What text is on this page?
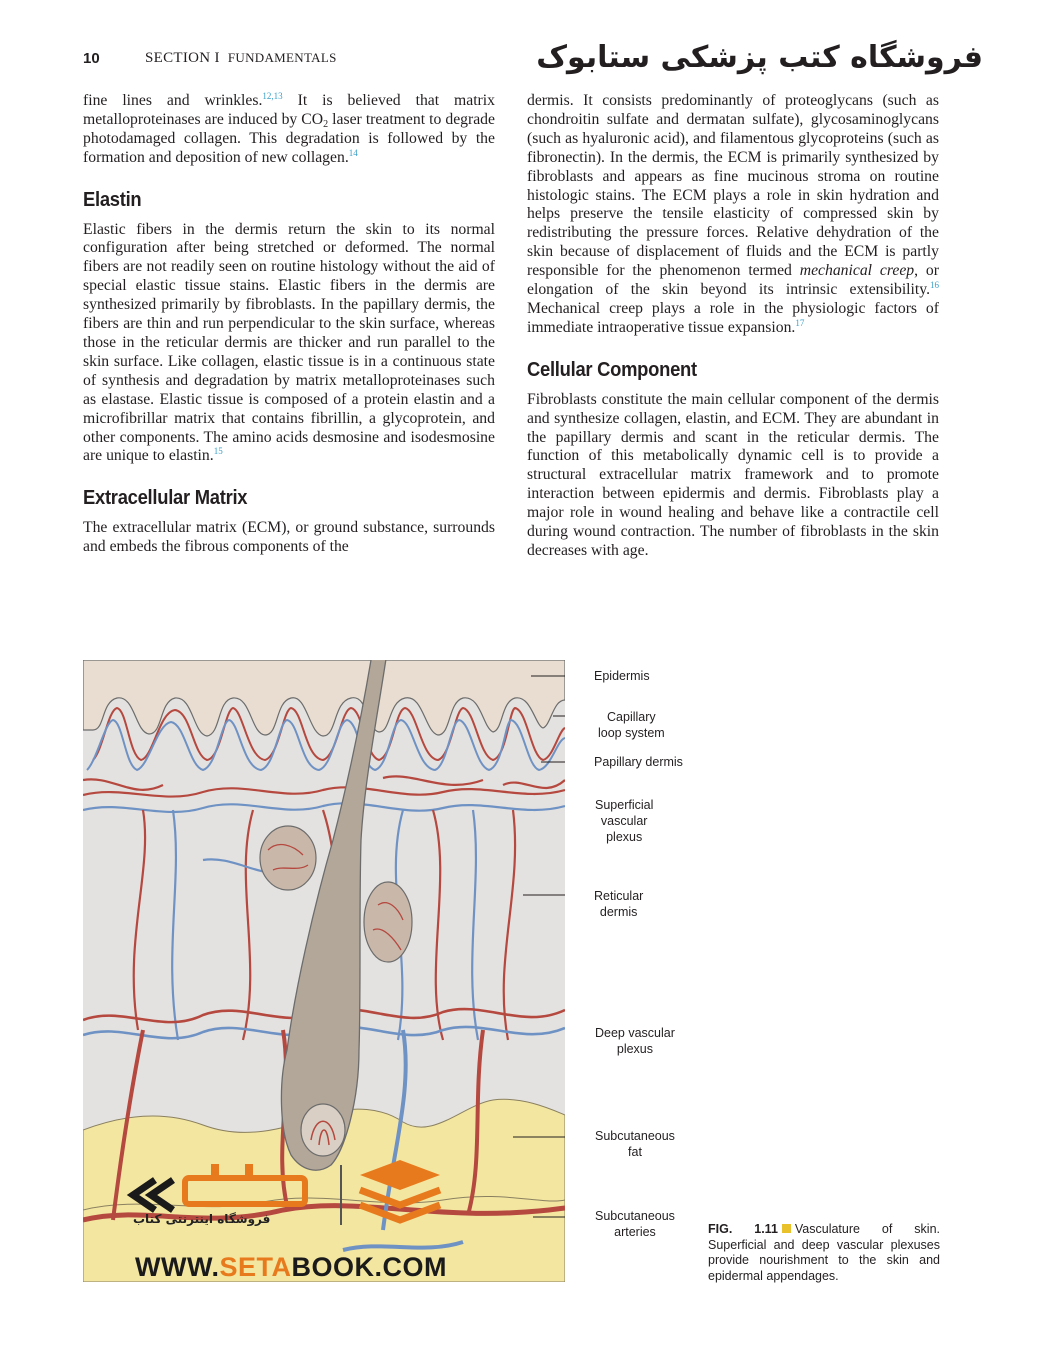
10	SECTION I FUNDAMENTALS	فروشگاه کتب پزشکی ستابوک

fine lines and wrinkles.$^{12,13}$ It is believed that matrix metalloproteinases are induced by $CO_2$ laser treatment to degrade photodamaged collagen. This degradation is followed by the formation and deposition of new collagen.$^{14}$

Elastin

Elastic fibers in the dermis return the skin to its normal configuration after being stretched or deformed. The normal fibers are not readily seen on routine histology without the aid of special elastic tissue stains. Elastic fibers in the dermis are synthesized primarily by fibroblasts. In the papillary dermis, the fibers are thin and run perpendicular to the skin surface, whereas those in the reticular dermis are thicker and run parallel to the skin surface. Like collagen, elastic tissue is in a continuous state of synthesis and degradation by matrix metalloproteinases such as elastase. Elastic tissue is composed of a protein elastin and a microfibrillar matrix that contains fibrillin, a glycoprotein, and other components. The amino acids desmosine and isodesmosine are unique to elastin.$^{15}$

Extracellular Matrix

The extracellular matrix (ECM), or ground substance, surrounds and embeds the fibrous components of the

dermis. It consists predominantly of proteoglycans (such as chondroitin sulfate and dermatan sulfate), glycosaminoglycans (such as hyaluronic acid), and filamentous glycoproteins (such as fibronectin). In the dermis, the ECM is primarily synthesized by fibroblasts and appears as fine mucinous stroma on routine histologic stains. The ECM plays a role in skin hydration and helps preserve the tensile elasticity of compressed skin by redistributing the pressure forces. Relative dehydration of the skin because of displacement of fluids and the ECM is partly responsible for the phenomenon termed mechanical creep, or elongation of the skin beyond its intrinsic extensibility.$^{16}$ Mechanical creep plays a role in the physiologic factors of immediate intraoperative tissue expansion.$^{17}$

Cellular Component

Fibroblasts constitute the main cellular component of the dermis and synthesize collagen, elastin, and ECM. They are abundant in the papillary dermis and scant in the reticular dermis. The function of this metabolically dynamic cell is to provide a structural extracellular matrix framework and to promote interaction between epidermis and dermis. Fibroblasts play a major role in wound healing and behave like a contractile cell during wound contraction. The number of fibroblasts in the skin decreases with age.

Epidermis
Capillary
loop system
Papillary dermis
Superficial
vascular
plexus
Reticular
dermis
Deep vascular
plexus
Subcutaneous
fat
Subcutaneous
arteries	FIG. 1.11 Vasculature of skin. Superficial and deep vascular plexuses provide nourishment to the skin and epidermal appendages.
فروشگاه اینترنتی کتاب
WWW.SETABOOK.COM
